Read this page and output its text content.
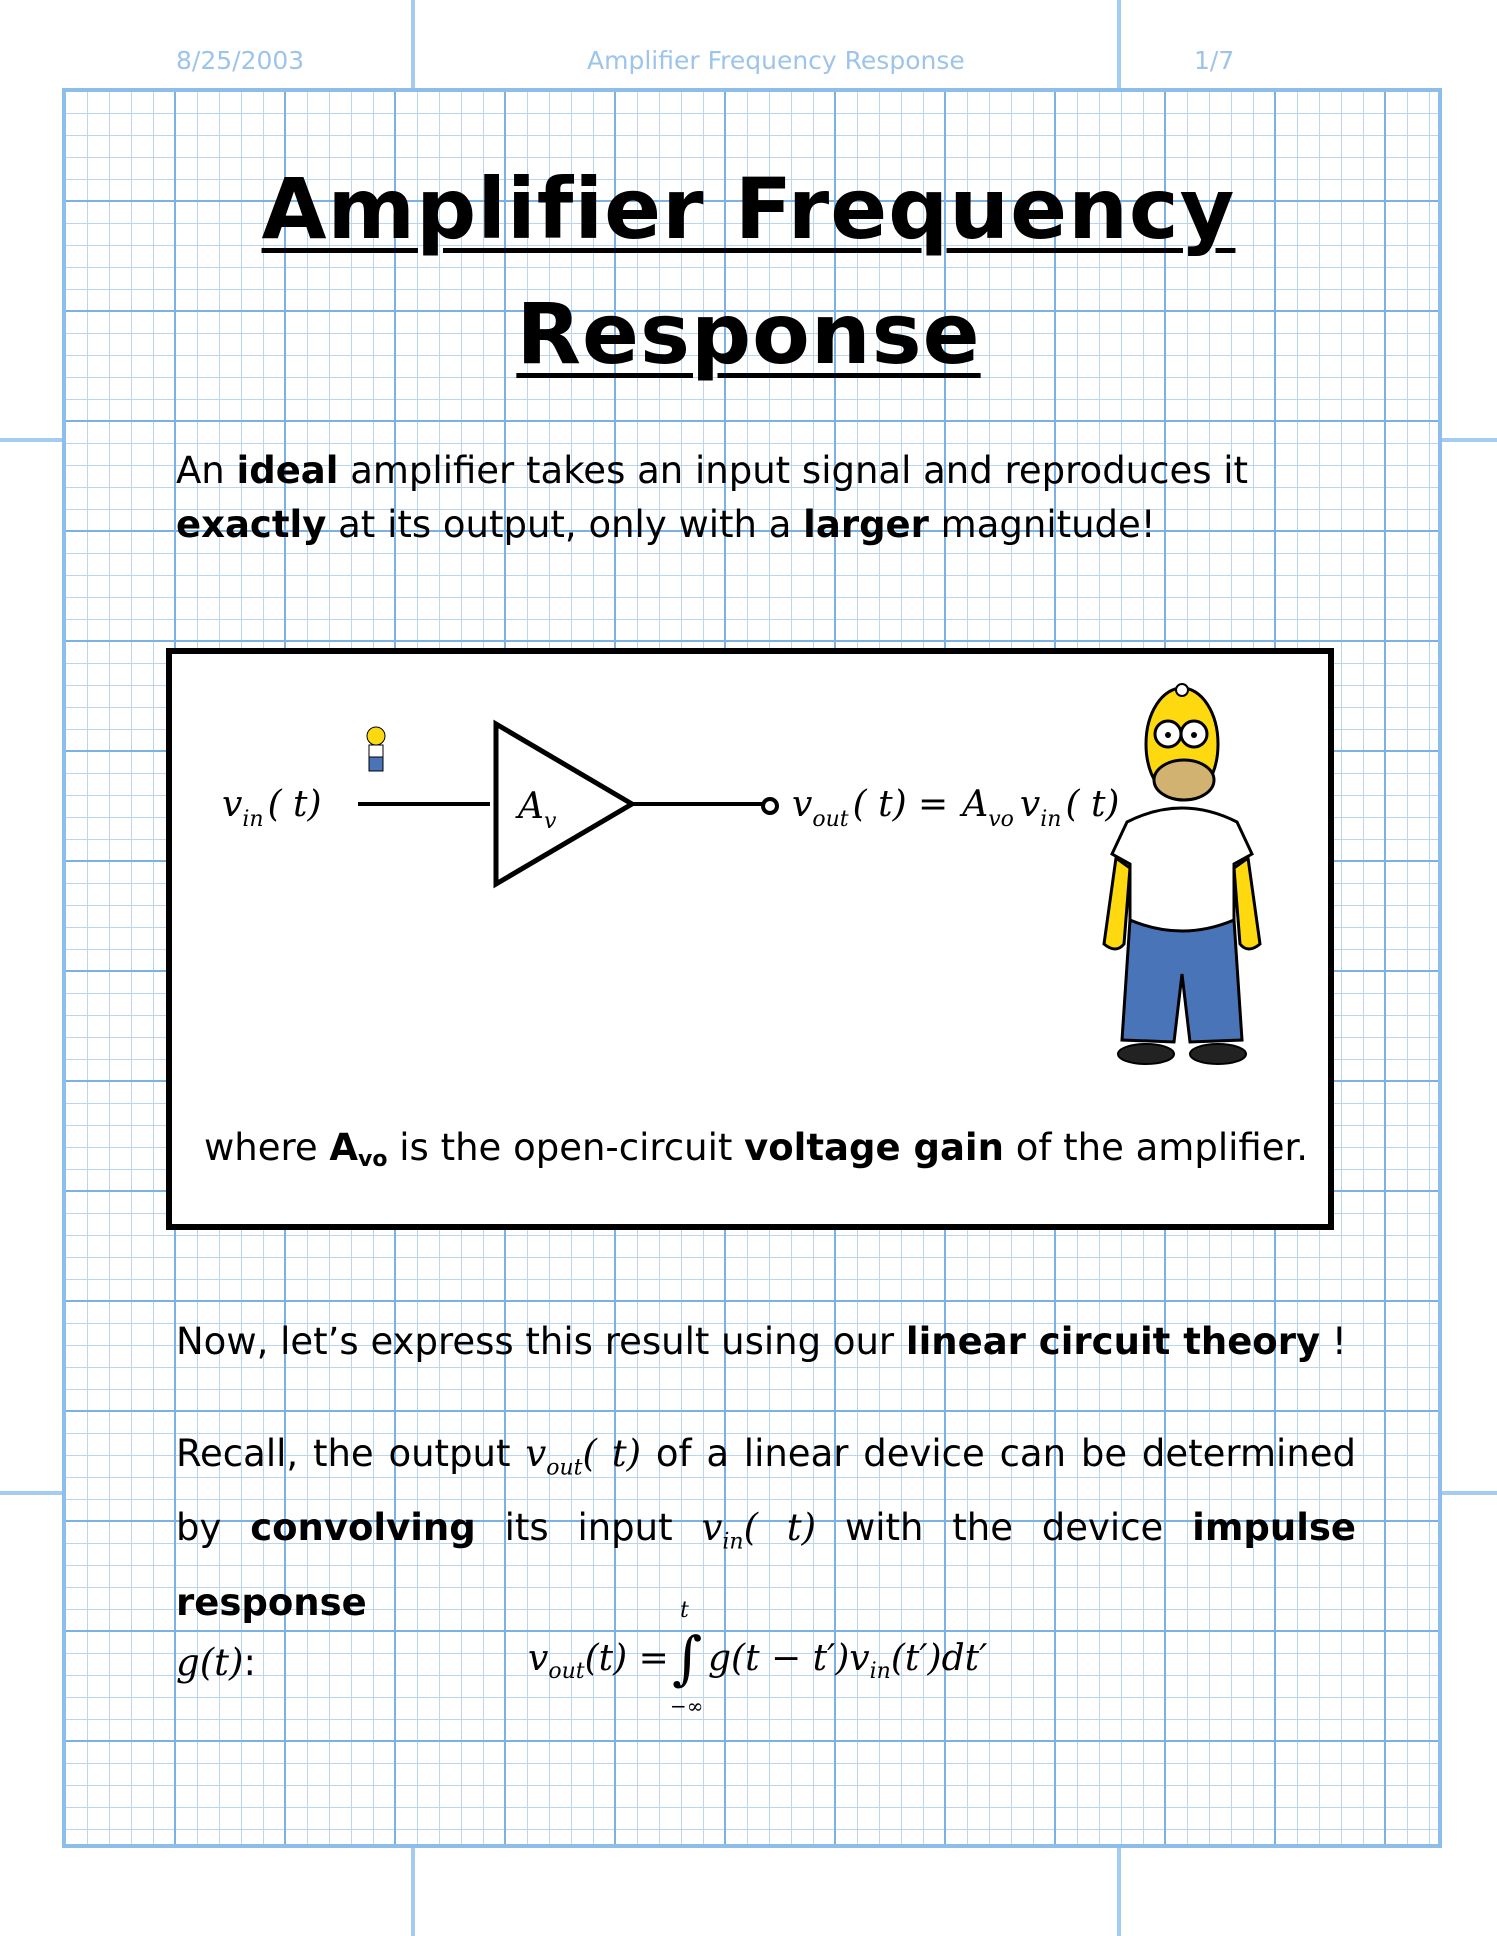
8/25/2003	Amplifier Frequency Response	1/7
Amplifier Frequency
Response
An ideal amplifier takes an input signal and reproduces it
exactly at its output, only with a larger magnitude!
$v_{in}$ ( t)	$A_v$	$v_{out}$ ( $t) = A_{vo}$ $v_{in}$ ( t)
where Avo is the open-circuit voltage gain of the amplifier.
Now, let’s express this result using our linear circuit theory !
Recall, the output $v_{out}$( t) of a linear device can be determined
by convolving its input $v_{in}$( t) with the device impulse response
g(t):	$v_{out}(t)$ =
t
∫
−∞
$g(t - t')v_{in}(t')dt'$
